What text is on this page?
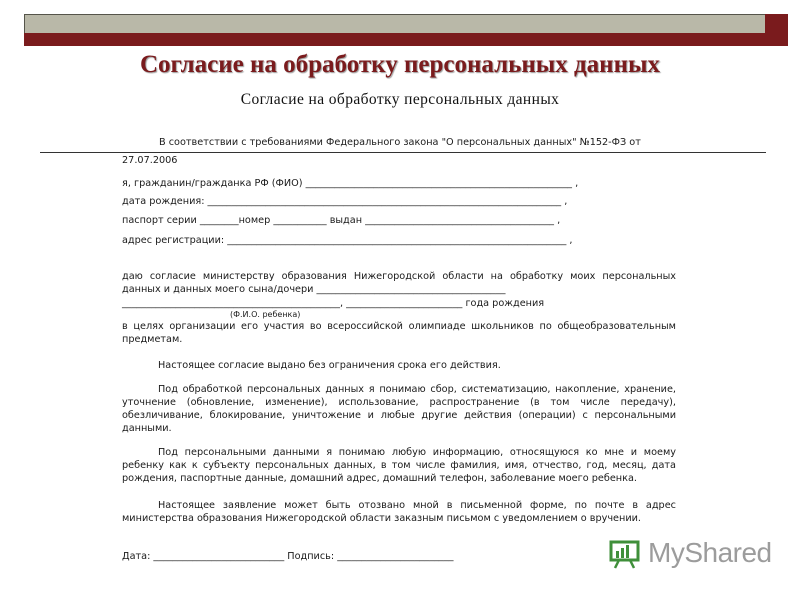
Согласие на обработку персональных данных
Согласие на обработку персональных данных
В соответствии с требованиями Федерального закона "О персональных данных" №152-ФЗ от
27.07.2006
я, гражданин/гражданка РФ (ФИО) _______________________________________________________ ,
дата рождения: _________________________________________________________________________ ,
паспорт серии ________номер ___________ выдан _______________________________________ ,
адрес регистрации: ______________________________________________________________________ ,
даю согласие министерству образования Нижегородской области на обработку моих персональных данных и данных моего сына/дочери _______________________________________
_____________________________________________, ________________________ года рождения
(Ф.И.О. ребенка)
в целях организации его участия во всероссийской олимпиаде школьников по общеобразовательным предметам.
Настоящее согласие выдано без ограничения срока его действия.
Под обработкой персональных данных я понимаю сбор, систематизацию, накопление, хранение, уточнение (обновление, изменение), использование, распространение (в том числе передачу), обезличивание, блокирование, уничтожение и любые другие действия (операции) с персональными данными.
Под персональными данными я понимаю любую информацию, относящуюся ко мне и моему ребенку как к субъекту персональных данных, в том числе фамилия, имя, отчество, год, месяц, дата рождения, паспортные данные, домашний адрес, домашний телефон, заболевание моего ребенка.
Настоящее заявление может быть отозвано мной в письменной форме, по почте в адрес министерства образования Нижегородской области заказным письмом с уведомлением о вручении.
Дата: ___________________________ Подпись: ________________________	MyShared
